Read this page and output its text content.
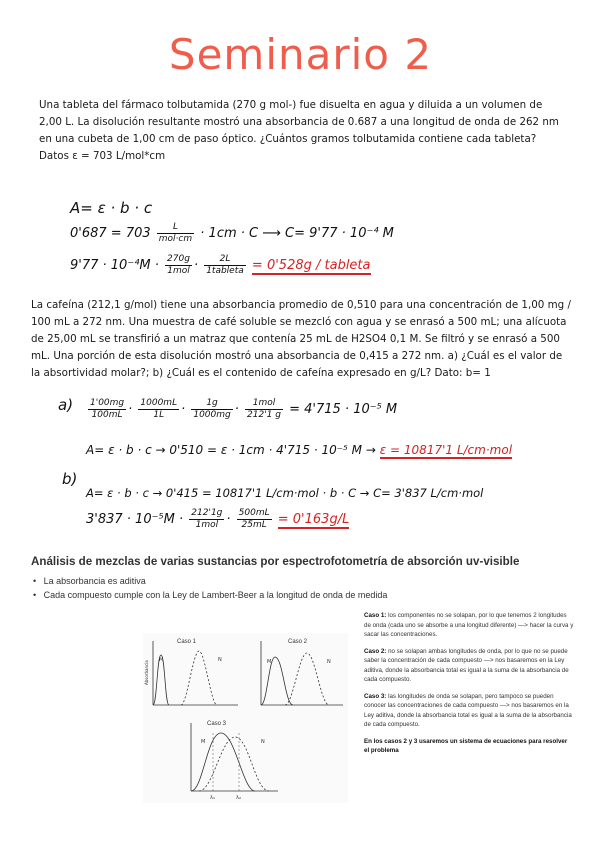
Seminario 2
Una tableta del fármaco tolbutamida (270 g mol-) fue disuelta en agua y diluida a un volumen de 2,00 L. La disolución resultante mostró una absorbancia de 0.687 a una longitud de onda de 262 nm en una cubeta de 1,00 cm de paso óptico. ¿Cuántos gramos tolbutamida contiene cada tableta? Datos ε = 703 L/mol*cm
A= ε · b · c
$0'687 = 703 \frac{L}{\text{mol·cm}} \cdot 1cm \cdot C$ ⟶ C= 9'77 · 10⁻⁴ M
$9'77 \cdot 10^{-4}M \cdot \frac{270g}{\text{1mol}} \cdot \frac{2L}{\text{1tableta}} = 0'528g$ / tableta
La cafeína (212,1 g/mol) tiene una absorbancia promedio de 0,510 para una concentración de 1,00 mg / 100 mL a 272 nm. Una muestra de café soluble se mezcló con agua y se enrasó a 500 mL; una alícuota de 25,00 mL se transfirió a un matraz que contenía 25 mL de H2SO4 0,1 M. Se filtró y se enrasó a 500 mL. Una porción de esta disolución mostró una absorbancia de 0,415 a 272 nm. a) ¿Cuál es el valor de la absortividad molar?; b) ¿Cuál es el contenido de cafeína expresado en g/L? Dato: b= 1
$a) \frac{1'00mg}{100mL} \cdot \frac{1000mL}{1L} \cdot \frac{1g}{1000mg} \cdot \frac{\text{1mol}}{212'1 g} = 4'715 \cdot 10^{-5}$ M
A= ε · b · c → 0'510 = ε · 1cm · 4'715 · 10⁻⁵ M → ε = 10817'1 L/cm·mol
b)
A= ε · b · c → 0'415 = 10817'1 L/cm·mol · b · C → C= 3'837 L/cm·mol
$3'837 \cdot 10^{-5}M \cdot \frac{212'1g}{\text{1mol}} \cdot \frac{500mL}{25mL} = 0'163g/L$
Análisis de mezclas de varias sustancias por espectrofotometría de absorción uv-visible
•   La absorbancia es aditiva
•   Cada compuesto cumple con la Ley de Lambert-Beer a la longitud de onda de medida
Caso 1
Absorbancia
M	N
Caso 2
M	N
Caso 3
M	N
λ₁	λ₂

Caso 1: los componentes no se solapan, por lo que tenemos 2 longitudes de onda (cada uno se absorbe a una longitud diferente) —> hacer la curva y sacar las concentraciones.

Caso 2: no se solapan ambas longitudes de onda, por lo que no se puede saber la concentración de cada compuesto —> nos basaremos en la Ley aditiva, donde la absorbancia total es igual a la suma de la absorbancia de cada compuesto.

Caso 3: las longitudes de onda se solapan, pero tampoco se pueden conocer las concentraciones de cada compuesto —> nos basaremos en la Ley aditiva, donde la absorbancia total es igual a la suma de la absorbancia de cada compuesto.

En los casos 2 y 3 usaremos un sistema de ecuaciones para resolver el problema
